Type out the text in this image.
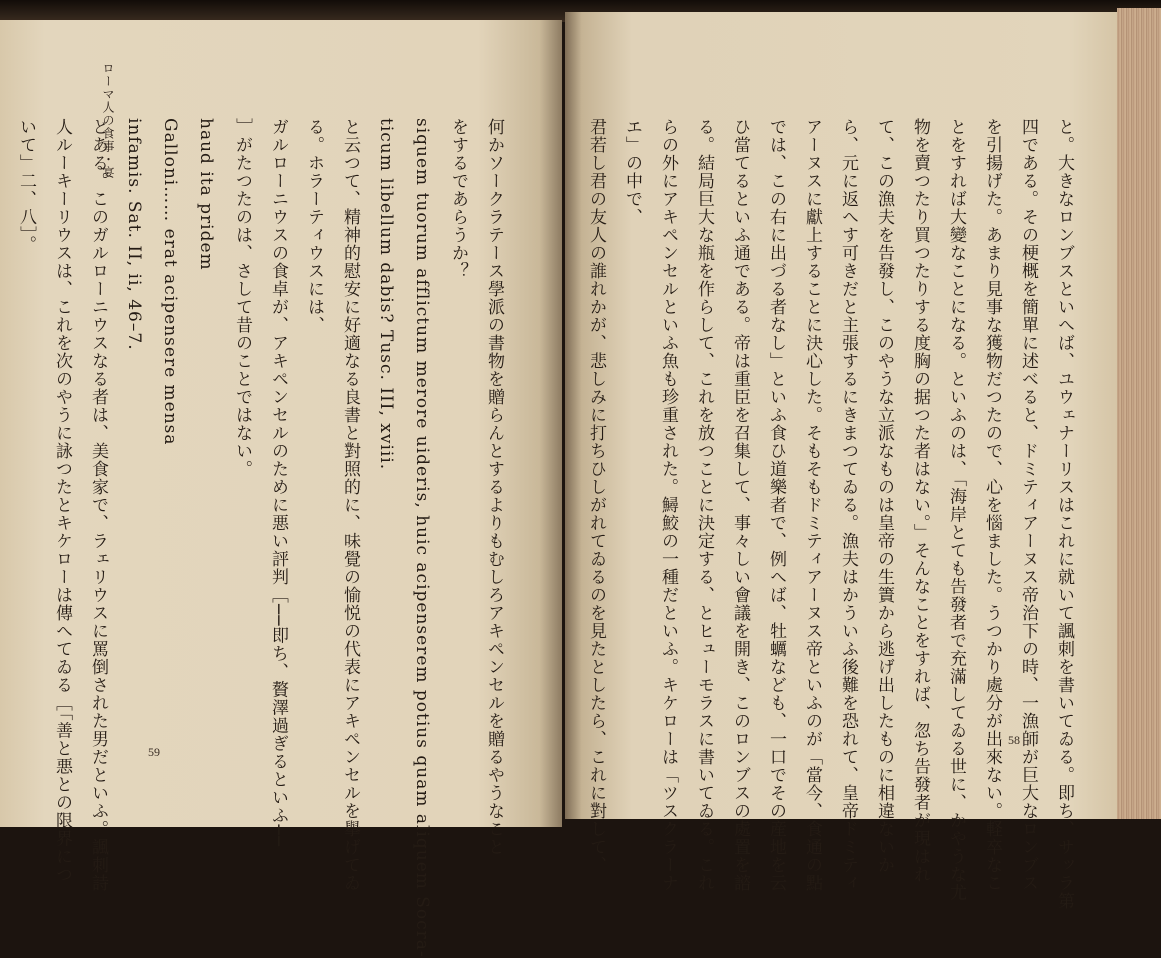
ローマ人の食事・宴	何かソークラテース學派の書物を贈らんとするよりもむしろアキペンセルを贈るやうなこと
をするであらうか？
siquem tuorum afflictum merore uideris, huic acipenserem potius quam aliquem Socra-
ticum libellum dabis? Tusc. III, xviii.
と云つて、精神的慰安に好適なる良書と對照的に、味覺の愉悦の代表にアキペンセルを擧げてゐ
る。ホラーティウスには、
ガルローニウスの食卓が、アキペンセルのために悪い評判［──即ち、贅澤過ぎるといふ──
］がたつたのは、さして昔のことではない。
haud ita pridem
Galloni…… erat acipensere mensa
infamis. Sat. II, ii, 46–7.
とある。このガルローニウスなる者は、美食家で、ラェリウスに罵倒された男だといふ。諷刺詩
人ルーキーリウスは、これを次のやうに詠つたとキケローは傳へてゐる［「善と悪との限界につ
いて」二、八］。	と。大きなロンブスといへば、ユウェナーリスはこれに就いて諷刺を書いてゐる。即ち、サッラ第
四である。その梗概を簡單に述べると、ドミティアーヌス帝治下の時、一漁師が巨大なロンブス
を引揚げた。あまり見事な獲物だつたので、心を惱ました。うつかり處分が出來ない。軽卒なこ
とをすれば大變なことになる。といふのは、「海岸とても告發者で充滿してゐる世に、かやうな尤
物を賣つたり買つたりする度胸の据つた者はない。」そんなことをすれば、忽ち告發者が現はれ
て、この漁夫を告發し、このやうな立派なものは皇帝の生簀から逃げ出したものに相違ないか
ら、元に返へす可きだと主張するにきまつてゐる。漁夫はかういふ後難を恐れて、皇帝ドミティ
アーヌスに獻上することに決心した。そもそもドミティアーヌス帝といふのが「當今、食通の點
では、この右に出づる者なし」といふ食ひ道樂者で、例へば、牡蠣なども、一口でその産地を云
ひ當てるといふ通である。帝は重臣を召集して、事々しい會議を開き、このロンブスの處置を諮
る。結局巨大な瓶を作らして、これを放つことに決定する、とヒューモラスに書いてゐる。これ
らの外にアキペンセルといふ魚も珍重された。鱘鮫の一種だといふ。キケローは「ツスクラーナ
エ」の中で、
君若し君の友人の誰れかが、悲しみに打ちひしがれてゐるのを見たとしたら、これに對して、
59
58
